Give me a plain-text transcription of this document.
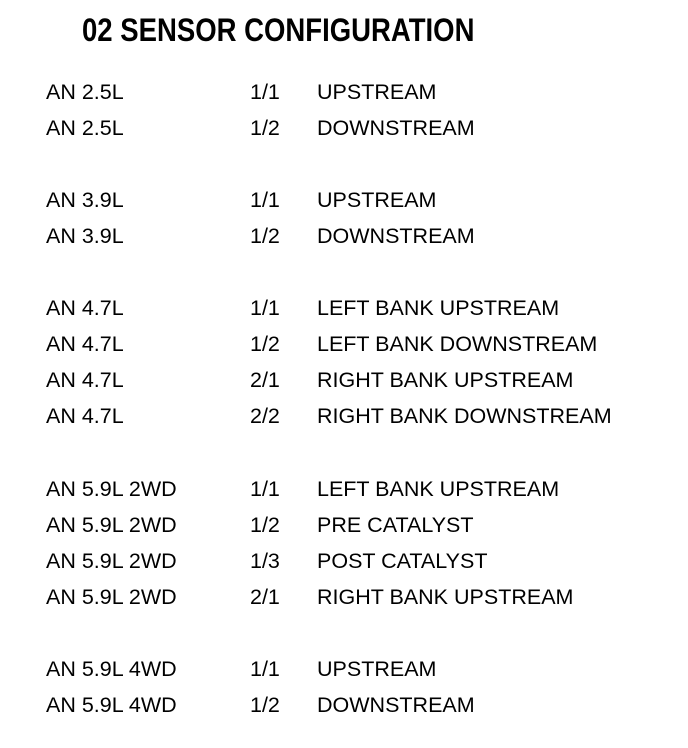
02 SENSOR CONFIGURATION
AN 2.5L	1/1 UPSTREAM
AN 2.5L	1/2 DOWNSTREAM
AN 3.9L	1/1 UPSTREAM
AN 3.9L	1/2 DOWNSTREAM
AN 4.7L	1/1 LEFT BANK UPSTREAM
AN 4.7L	1/2 LEFT BANK DOWNSTREAM
AN 4.7L	2/1 RIGHT BANK UPSTREAM
AN 4.7L	2/2 RIGHT BANK DOWNSTREAM
AN 5.9L 2WD	1/1 LEFT BANK UPSTREAM
AN 5.9L 2WD	1/2 PRE CATALYST
AN 5.9L 2WD	1/3 POST CATALYST
AN 5.9L 2WD	2/1 RIGHT BANK UPSTREAM
AN 5.9L 4WD	1/1 UPSTREAM
AN 5.9L 4WD	1/2 DOWNSTREAM
